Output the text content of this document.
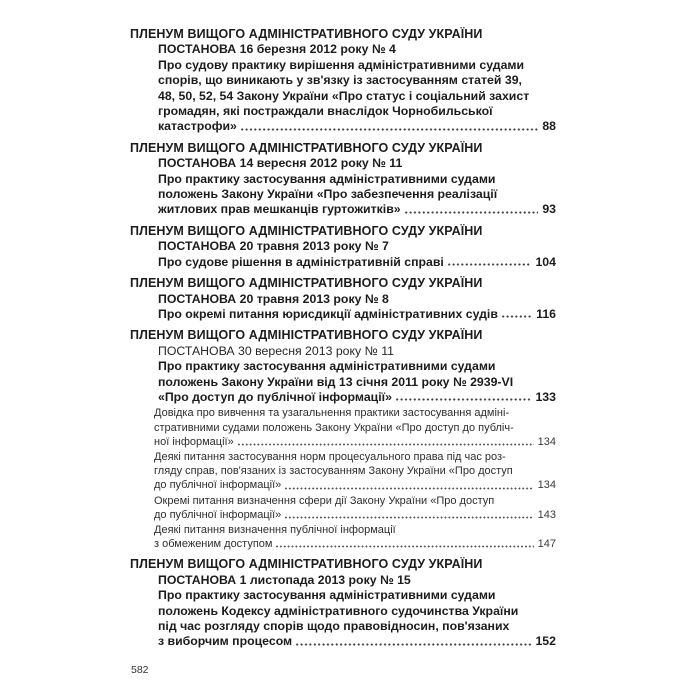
ПЛЕНУМ ВИЩОГО АДМІНІСТРАТИВНОГО СУДУ УКРАЇНИ
ПОСТАНОВА 16 березня 2012 року № 4
Про судову практику вирішення адміністративними судами
спорів, що виникають у зв'язку із застосуванням статей 39,
48, 50, 52, 54 Закону України «Про статус і соціальний захист
громадян, які постраждали внаслідок Чорнобильської
катастрофи»	88
ПЛЕНУМ ВИЩОГО АДМІНІСТРАТИВНОГО СУДУ УКРАЇНИ
ПОСТАНОВА 14 вересня 2012 року № 11
Про практику застосування адміністративними судами
положень Закону України «Про забезпечення реалізації
житлових прав мешканців гуртожитків»	93
ПЛЕНУМ ВИЩОГО АДМІНІСТРАТИВНОГО СУДУ УКРАЇНИ
ПОСТАНОВА 20 травня 2013 року № 7
Про судове рішення в адміністративній справі	104
ПЛЕНУМ ВИЩОГО АДМІНІСТРАТИВНОГО СУДУ УКРАЇНИ
ПОСТАНОВА 20 травня 2013 року № 8
Про окремі питання юрисдикції адміністративних судів	116
ПЛЕНУМ ВИЩОГО АДМІНІСТРАТИВНОГО СУДУ УКРАЇНИ
ПОСТАНОВА 30 вересня 2013 року № 11
Про практику застосування адміністративними судами
положень Закону України від 13 січня 2011 року № 2939-VI
«Про доступ до публічної інформації»	133
Довідка про вивчення та узагальнення практики застосування адміні-
стративними судами положень Закону України «Про доступ до публіч-
ної інформації»	134
Деякі питання застосування норм процесуального права під час роз-
гляду справ, пов'язаних із застосуванням Закону України «Про доступ
до публічної інформації»	134
Окремі питання визначення сфери дії Закону України «Про доступ
до публічної інформації»	143
Деякі питання визначення публічної інформації
з обмеженим доступом	147
ПЛЕНУМ ВИЩОГО АДМІНІСТРАТИВНОГО СУДУ УКРАЇНИ
ПОСТАНОВА 1 листопада 2013 року № 15
Про практику застосування адміністративними судами
положень Кодексу адміністративного судочинства України
під час розгляду спорів щодо правовідносин, пов'язаних
з виборчим процесом	152
582
